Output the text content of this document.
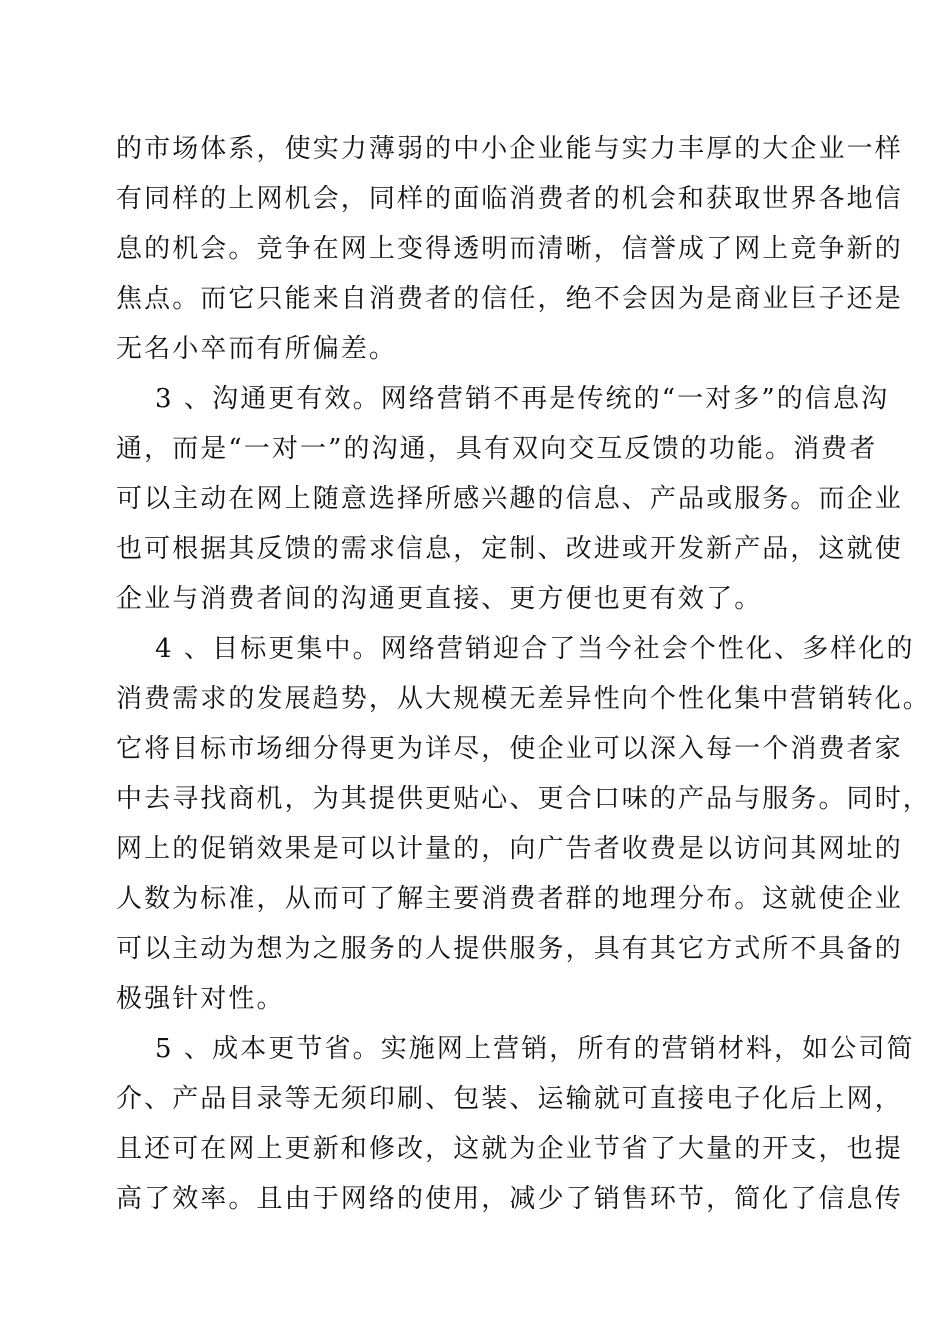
的市场体系，使实力薄弱的中小企业能与实力丰厚的大企业一样
有同样的上网机会，同样的面临消费者的机会和获取世界各地信
息的机会。竞争在网上变得透明而清晰，信誉成了网上竞争新的
焦点。而它只能来自消费者的信任，绝不会因为是商业巨子还是
无名小卒而有所偏差。
3 、沟通更有效。网络营销不再是传统的“一对多”的信息沟
通，而是“一对一”的沟通，具有双向交互反馈的功能。消费者
可以主动在网上随意选择所感兴趣的信息、产品或服务。而企业
也可根据其反馈的需求信息，定制、改进或开发新产品，这就使
企业与消费者间的沟通更直接、更方便也更有效了。
4 、目标更集中。网络营销迎合了当今社会个性化、多样化的
消费需求的发展趋势，从大规模无差异性向个性化集中营销转化。
它将目标市场细分得更为详尽，使企业可以深入每一个消费者家
中去寻找商机，为其提供更贴心、更合口味的产品与服务。同时，
网上的促销效果是可以计量的，向广告者收费是以访问其网址的
人数为标准，从而可了解主要消费者群的地理分布。这就使企业
可以主动为想为之服务的人提供服务，具有其它方式所不具备的
极强针对性。
5 、成本更节省。实施网上营销，所有的营销材料，如公司简
介、产品目录等无须印刷、包装、运输就可直接电子化后上网，
且还可在网上更新和修改，这就为企业节省了大量的开支，也提
高了效率。且由于网络的使用，减少了销售环节，简化了信息传
